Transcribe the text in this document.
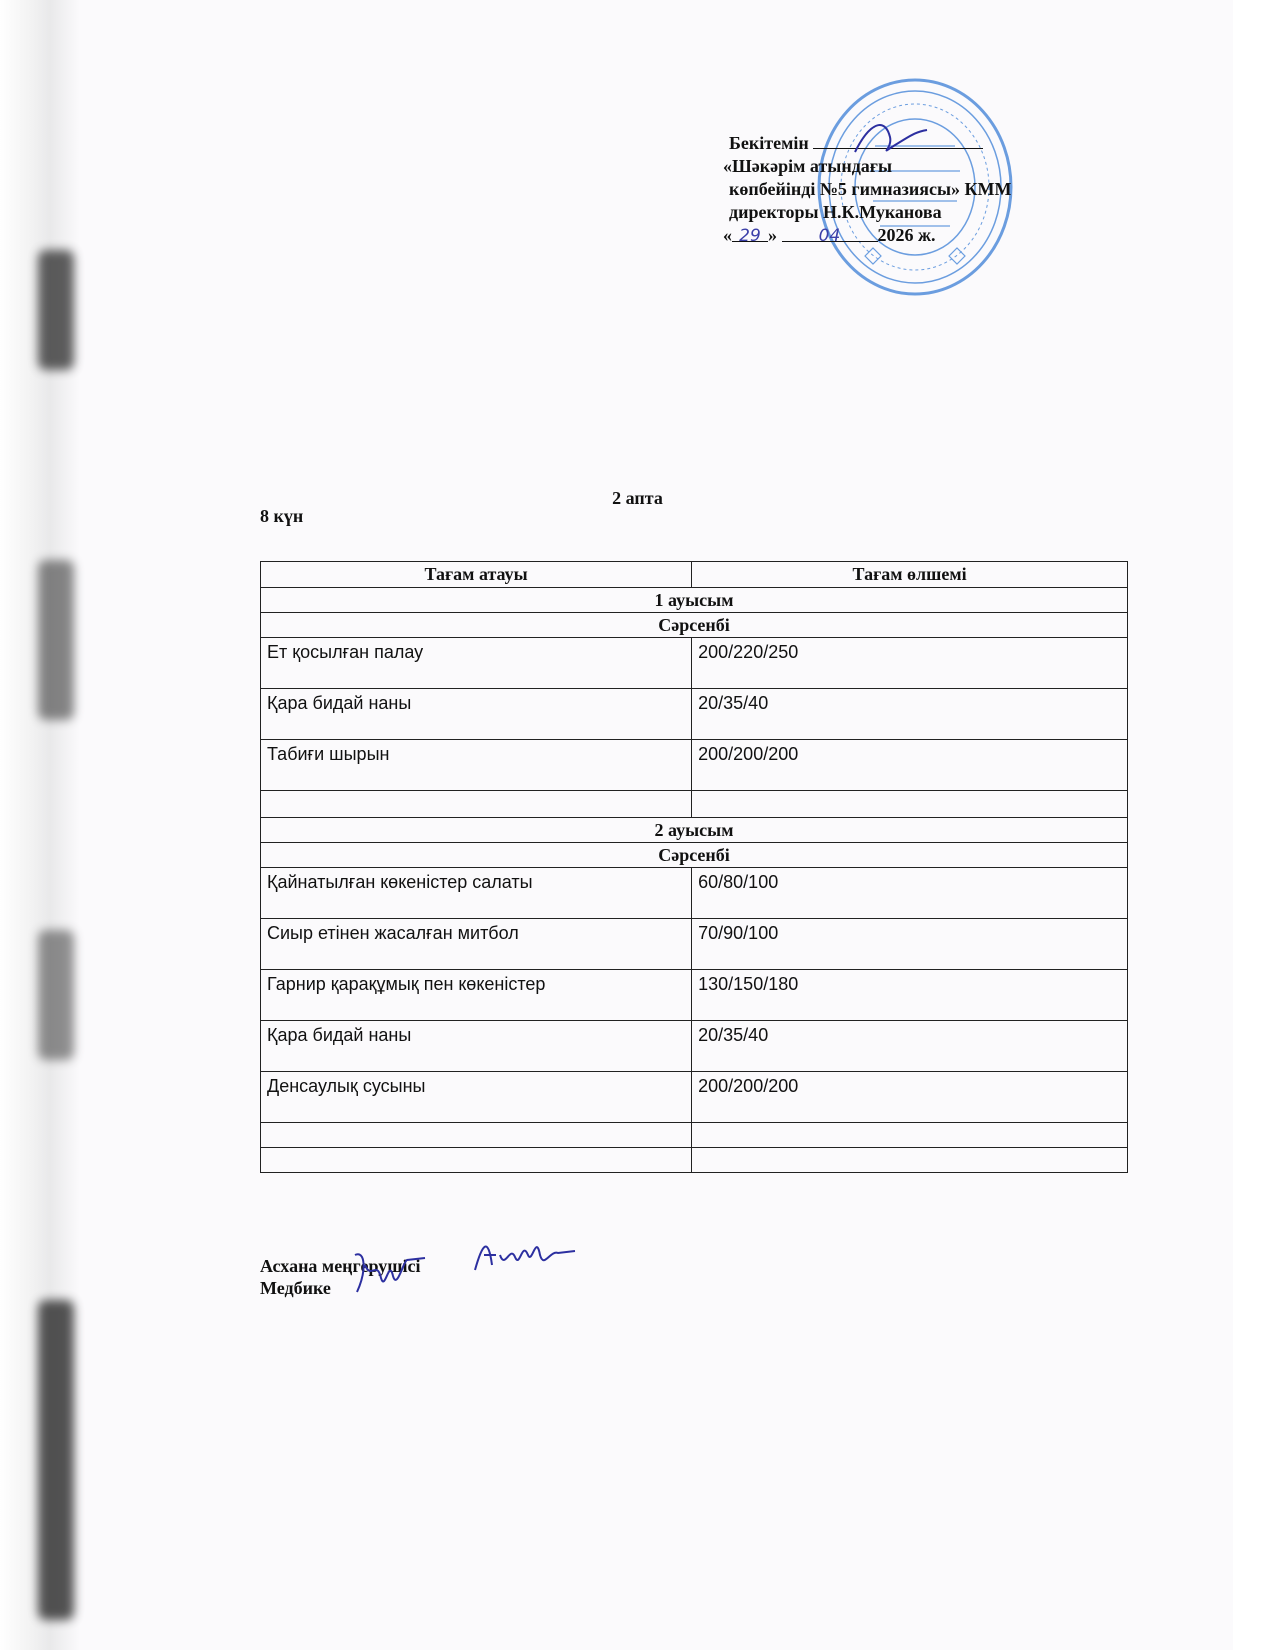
Бекітемін
«Шәкәрім атындағы
көпбейінді №5 гимназиясы» КММ
директоры Н.К.Муканова
« 29 » 04 2026 ж.
2 апта
8 күн
Тағам атауы	Тағам өлшемі
1 ауысым	
Сәрсенбі	
Ет қосылған палау	200/220/250
Қара бидай наны	20/35/40
Табиғи шырын	200/200/200

2 ауысым	
Сәрсенбі	
Қайнатылған көкеністер салаты	60/80/100
Сиыр етінен жасалған митбол	70/90/100
Гарнир қарақұмық пен көкеністер	130/150/180
Қара бидай наны	20/35/40
Денсаулық сусыны	200/200/200

Асхана меңгерушісі
Медбике
